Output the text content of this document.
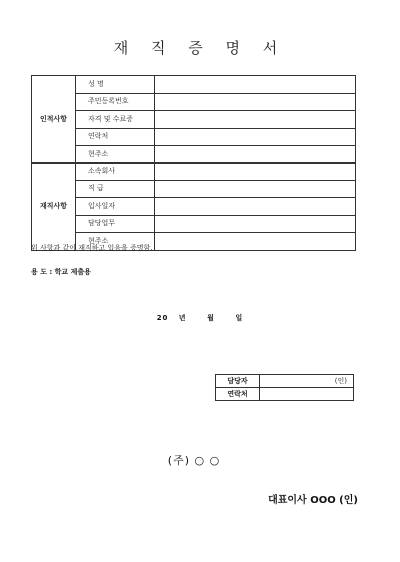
재 직 증 명 서
인적사항	성 명	
	주민등록번호	
	자격 및 수료증	
	연락처	
	현주소	
재직사항	소속회사	
	직 급	
	입사일자	
	담당업무	
	현주소	
위 사항과 같이 재직하고 있음을 증명함.
용 도 : 학교 제출용
20 년	월	일
담당자	(인)
연락처	
(주) ○ ○
대표이사 OOO (인)
